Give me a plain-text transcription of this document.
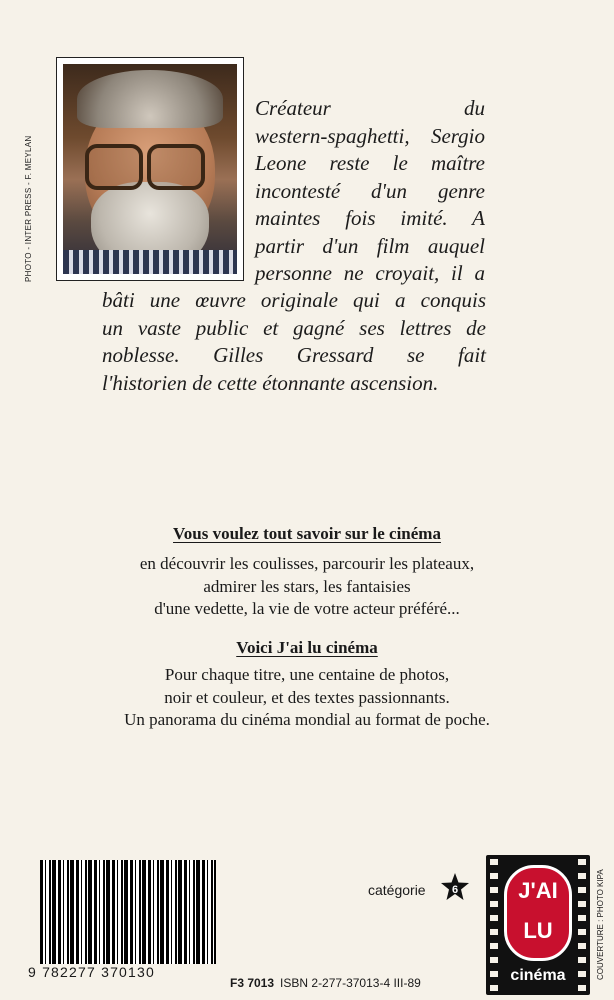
PHOTO - INTER PRESS - F. MEYLAN

Créateur du
western-spaghetti, Sergio
Leone reste le maître
incontesté d'un genre
maintes fois imité. A
partir d'un film auquel
personne ne croyait, il a

bâti une œuvre originale qui a conquis
un vaste public et gagné ses lettres de
noblesse. Gilles Gressard se fait
l'historien de cette étonnante ascension.

Vous voulez tout savoir sur le cinéma
en découvrir les coulisses, parcourir les plateaux,
admirer les stars, les fantaisies
d'une vedette, la vie de votre acteur préféré...
Voici J'ai lu cinéma
Pour chaque titre, une centaine de photos,
noir et couleur, et des textes passionnants.
Un panorama du cinéma mondial au format de poche.
9 782277 370130
catégorie 6
F3 7013 ISBN 2-277-37013-4 III-89
J'AI
LU
cinéma	COUVERTURE : PHOTO KIPA
